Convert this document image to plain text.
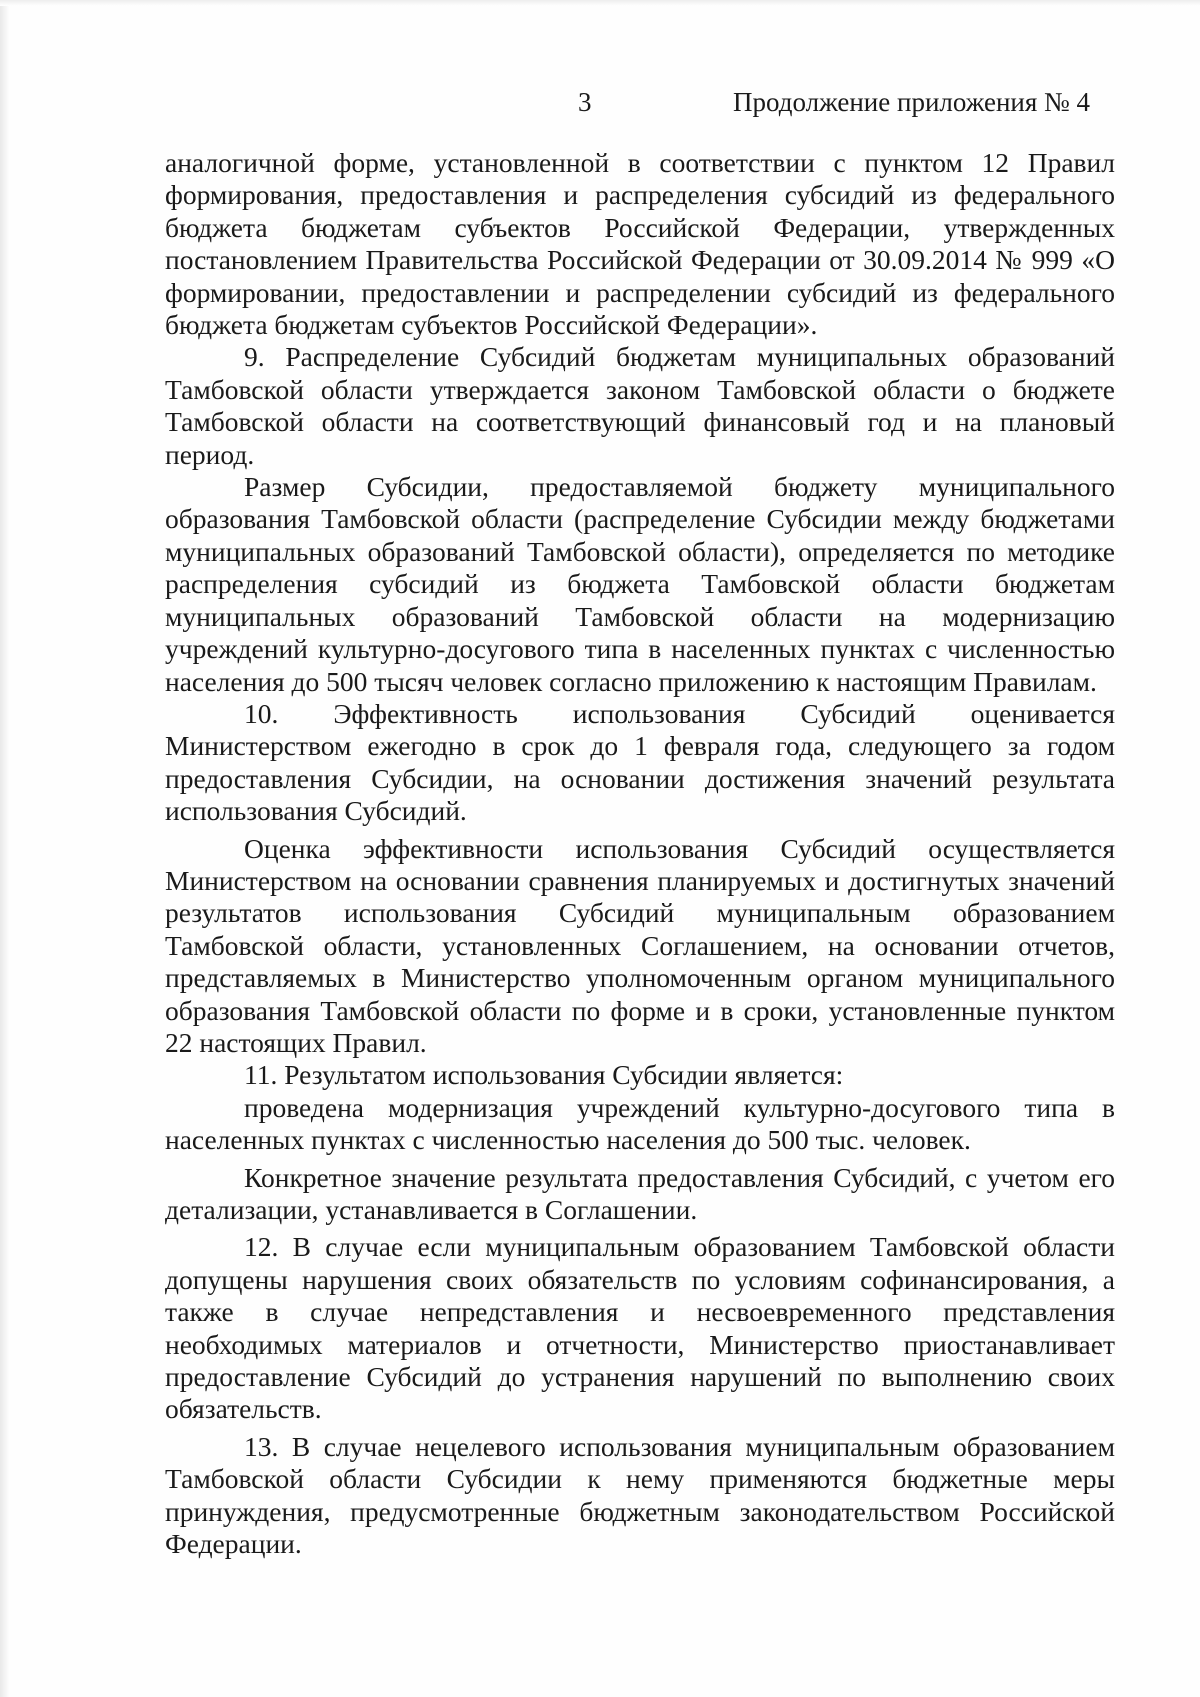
3	Продолжение приложения № 4

аналогичной форме, установленной в соответствии с пунктом 12 Правил формирования, предоставления и распределения субсидий из федерального бюджета бюджетам субъектов Российской Федерации, утвержденных постановлением Правительства Российской Федерации от 30.09.2014 № 999 «О формировании, предоставлении и распределении субсидий из федерального бюджета бюджетам субъектов Российской Федерации».

9. Распределение Субсидий бюджетам муниципальных образований Тамбовской области утверждается законом Тамбовской области о бюджете Тамбовской области на соответствующий финансовый год и на плановый период.

Размер Субсидии, предоставляемой бюджету муниципального образования Тамбовской области (распределение Субсидии между бюджетами муниципальных образований Тамбовской области), определяется по методике распределения субсидий из бюджета Тамбовской области бюджетам муниципальных образований Тамбовской области на модернизацию учреждений культурно-досугового типа в населенных пунктах с численностью населения до 500 тысяч человек согласно приложению к настоящим Правилам.

10. Эффективность использования Субсидий оценивается Министерством ежегодно в срок до 1 февраля года, следующего за годом предоставления Субсидии, на основании достижения значений результата использования Субсидий.

Оценка эффективности использования Субсидий осуществляется Министерством на основании сравнения планируемых и достигнутых значений результатов использования Субсидий муниципальным образованием Тамбовской области, установленных Соглашением, на основании отчетов, представляемых в Министерство уполномоченным органом муниципального образования Тамбовской области по форме и в сроки, установленные пунктом 22 настоящих Правил.

11. Результатом использования Субсидии является:

проведена модернизация учреждений культурно-досугового типа в населенных пунктах с численностью населения до 500 тыс. человек.

Конкретное значение результата предоставления Субсидий, с учетом его детализации, устанавливается в Соглашении.

12. В случае если муниципальным образованием Тамбовской области допущены нарушения своих обязательств по условиям софинансирования, а также в случае непредставления и несвоевременного представления необходимых материалов и отчетности, Министерство приостанавливает предоставление Субсидий до устранения нарушений по выполнению своих обязательств.

13. В случае нецелевого использования муниципальным образованием Тамбовской области Субсидии к нему применяются бюджетные меры принуждения, предусмотренные бюджетным законодательством Российской Федерации.
